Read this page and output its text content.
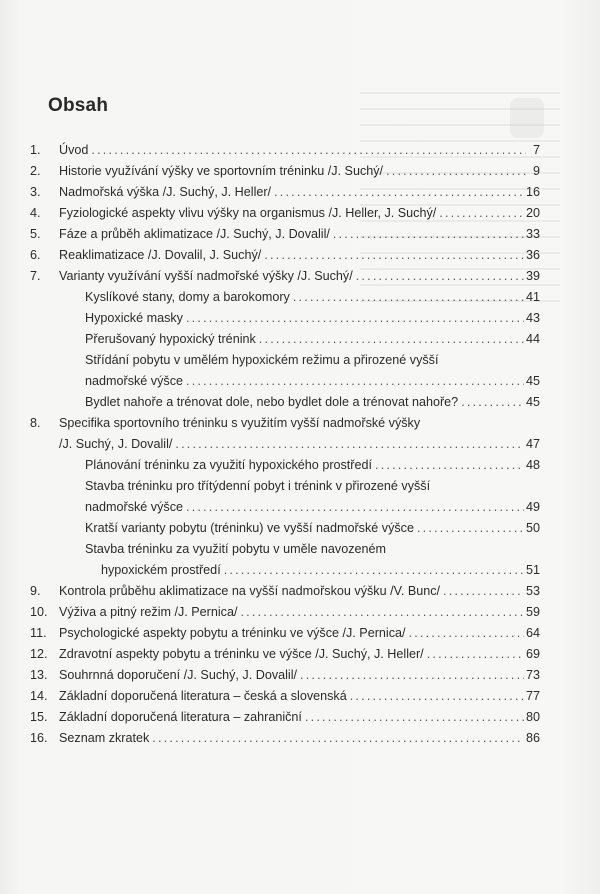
Obsah
1.	Úvod .....	7
2.	Historie využívání výšky ve sportovním tréninku /J. Suchý/ .....	9
3.	Nadmořská výška /J. Suchý, J. Heller/ .....	16
4.	Fyziologické aspekty vlivu výšky na organismus /J. Heller, J. Suchý/ .....	20
5.	Fáze a průběh aklimatizace /J. Suchý, J. Dovalil/ .....	33
6.	Reaklimatizace /J. Dovalil, J. Suchý/ .....	36
7.	Varianty využívání vyšší nadmořské výšky /J. Suchý/ .....	39
Kyslíkové stany, domy a barokomory .....	41
Hypoxické masky .....	43
Přerušovaný hypoxický trénink .....	44
Střídání pobytu v umělém hypoxickém režimu a přirozené vyšší
nadmořské výšce .....	45
Bydlet nahoře a trénovat dole, nebo bydlet dole a trénovat nahoře? .....	45
8.	Specifika sportovního tréninku s využitím vyšší nadmořské výšky
/J. Suchý, J. Dovalil/ .....	47
Plánování tréninku za využití hypoxického prostředí .....	48
Stavba tréninku pro třítýdenní pobyt i trénink v přirozené vyšší
nadmořské výšce .....	49
Kratší varianty pobytu (tréninku) ve vyšší nadmořské výšce .....	50
Stavba tréninku za využití pobytu v uměle navozeném
hypoxickém prostředí .....	51
9.	Kontrola průběhu aklimatizace na vyšší nadmořskou výšku /V. Bunc/ .....	53
10. Výživa a pitný režim /J. Pernica/ .....	59
11. Psychologické aspekty pobytu a tréninku ve výšce /J. Pernica/ .....	64
12. Zdravotní aspekty pobytu a tréninku ve výšce /J. Suchý, J. Heller/ .....	69
13. Souhrnná doporučení /J. Suchý, J. Dovalil/ .....	73
14. Základní doporučená literatura – česká a slovenská .....	77
15. Základní doporučená literatura – zahraniční .....	80
16. Seznam zkratek .....	86
